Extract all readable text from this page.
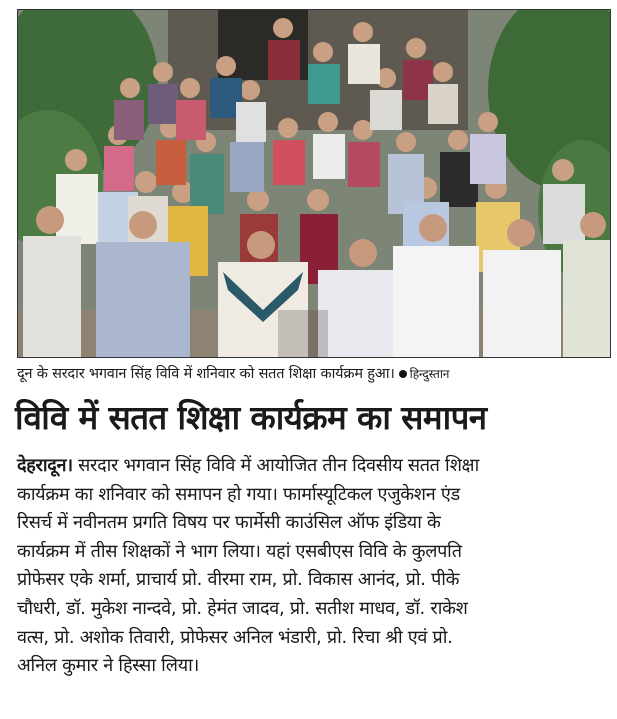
दून के सरदार भगवान सिंह विवि में शनिवार को सतत शिक्षा कार्यक्रम हुआ। हिन्दुस्तान
विवि में सतत शिक्षा कार्यक्रम का समापन
देहरादून। सरदार भगवान सिंह विवि में आयोजित तीन दिवसीय सतत शिक्षा
कार्यक्रम का शनिवार को समापन हो गया। फार्मास्यूटिकल एजुकेशन एंड
रिसर्च में नवीनतम प्रगति विषय पर फार्मेसी काउंसिल ऑफ इंडिया के
कार्यक्रम में तीस शिक्षकों ने भाग लिया। यहां एसबीएस विवि के कुलपति
प्रोफेसर एके शर्मा, प्राचार्य प्रो. वीरमा राम, प्रो. विकास आनंद, प्रो. पीके
चौधरी, डॉ. मुकेश नान्दवे, प्रो. हेमंत जादव, प्रो. सतीश माधव, डॉ. राकेश
वत्स, प्रो. अशोक तिवारी, प्रोफेसर अनिल भंडारी, प्रो. रिचा श्री एवं प्रो.
अनिल कुमार ने हिस्सा लिया।
